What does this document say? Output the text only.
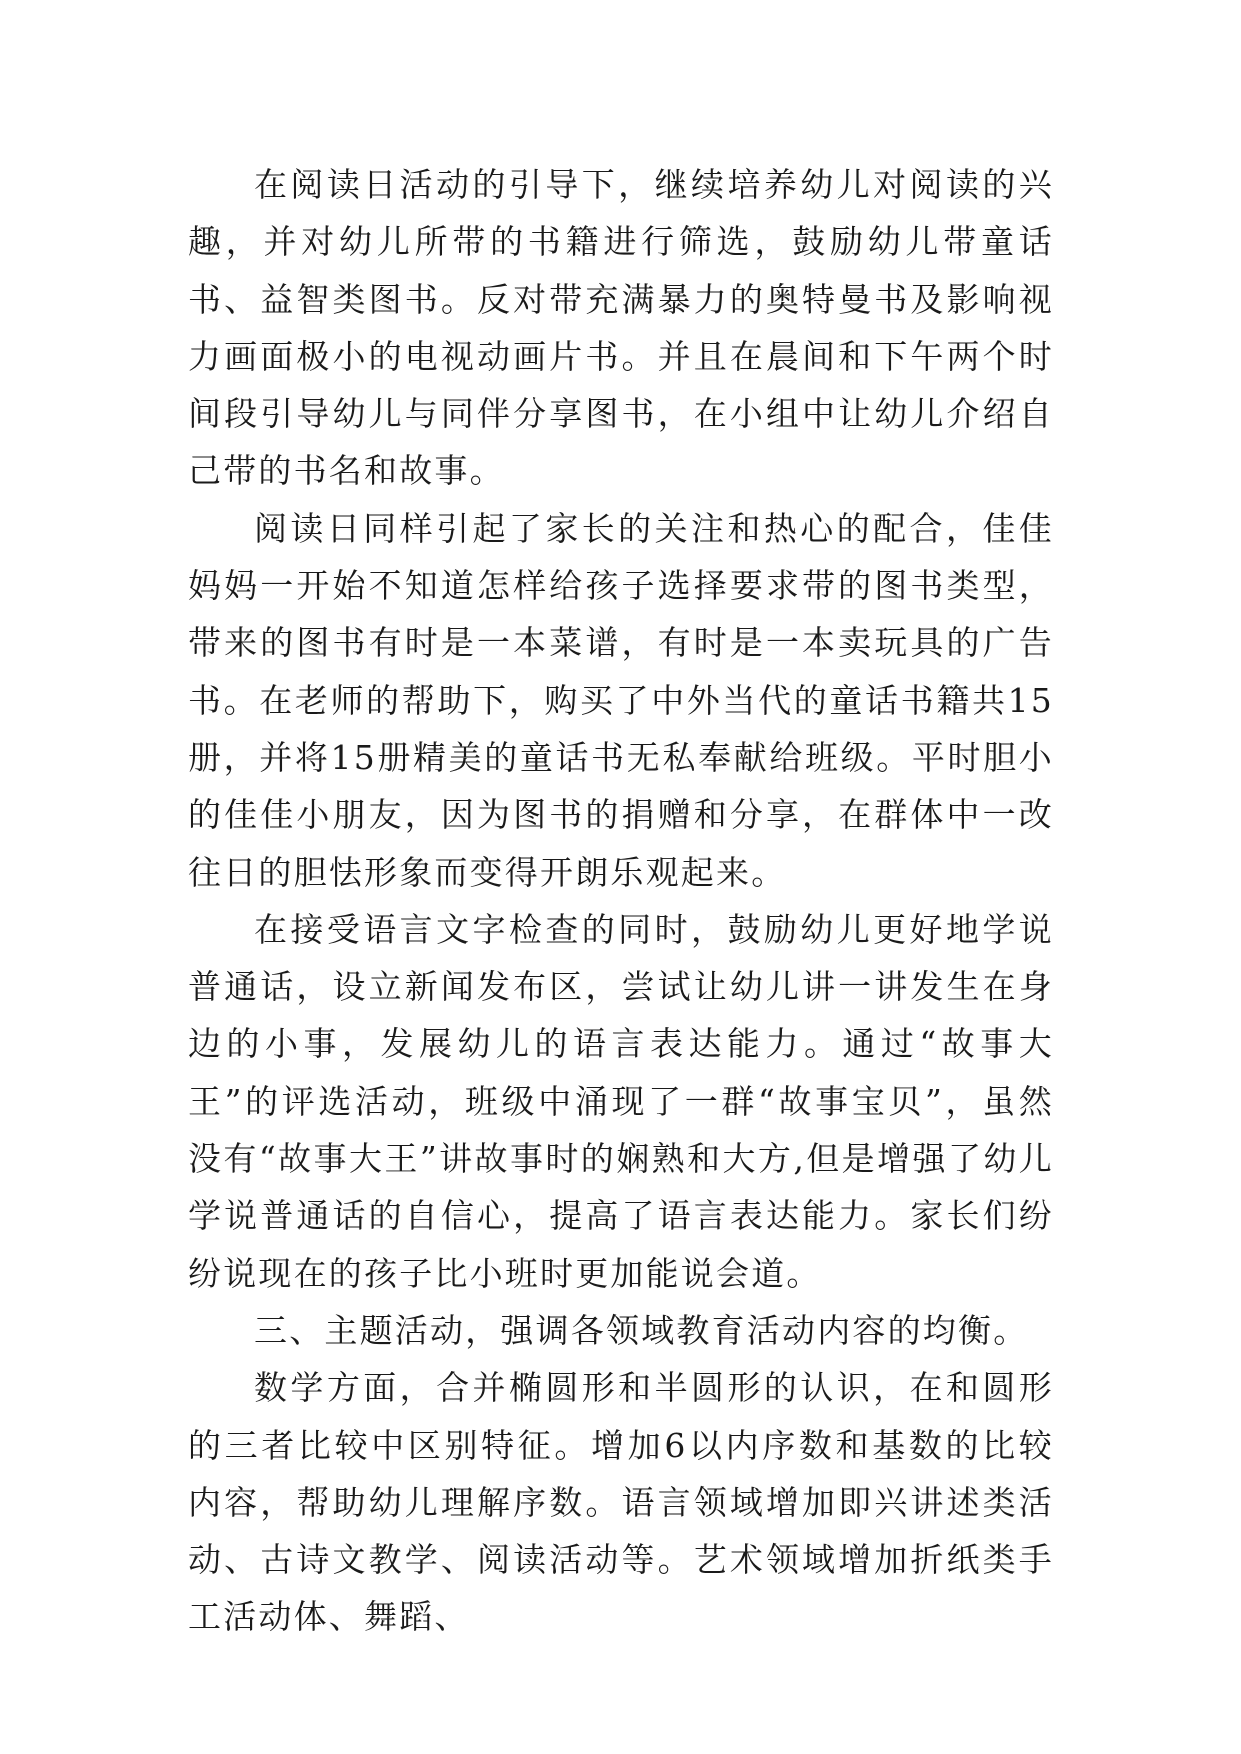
在阅读日活动的引导下，继续培养幼儿对阅读的兴趣，并对幼儿所带的书籍进行筛选，鼓励幼儿带童话书、益智类图书。反对带充满暴力的奥特曼书及影响视力画面极小的电视动画片书。并且在晨间和下午两个时间段引导幼儿与同伴分享图书，在小组中让幼儿介绍自己带的书名和故事。

阅读日同样引起了家长的关注和热心的配合，佳佳妈妈一开始不知道怎样给孩子选择要求带的图书类型，带来的图书有时是一本菜谱，有时是一本卖玩具的广告书。在老师的帮助下，购买了中外当代的童话书籍共15册，并将15册精美的童话书无私奉献给班级。平时胆小的佳佳小朋友，因为图书的捐赠和分享，在群体中一改往日的胆怯形象而变得开朗乐观起来。

在接受语言文字检查的同时，鼓励幼儿更好地学说普通话，设立新闻发布区，尝试让幼儿讲一讲发生在身边的小事，发展幼儿的语言表达能力。通过“故事大王”的评选活动，班级中涌现了一群“故事宝贝”，虽然没有“故事大王”讲故事时的娴熟和大方,但是增强了幼儿学说普通话的自信心，提高了语言表达能力。家长们纷纷说现在的孩子比小班时更加能说会道。

三、主题活动，强调各领域教育活动内容的均衡。

数学方面，合并椭圆形和半圆形的认识，在和圆形的三者比较中区别特征。增加6以内序数和基数的比较内容，帮助幼儿理解序数。语言领域增加即兴讲述类活动、古诗文教学、阅读活动等。艺术领域增加折纸类手工活动体、舞蹈、
